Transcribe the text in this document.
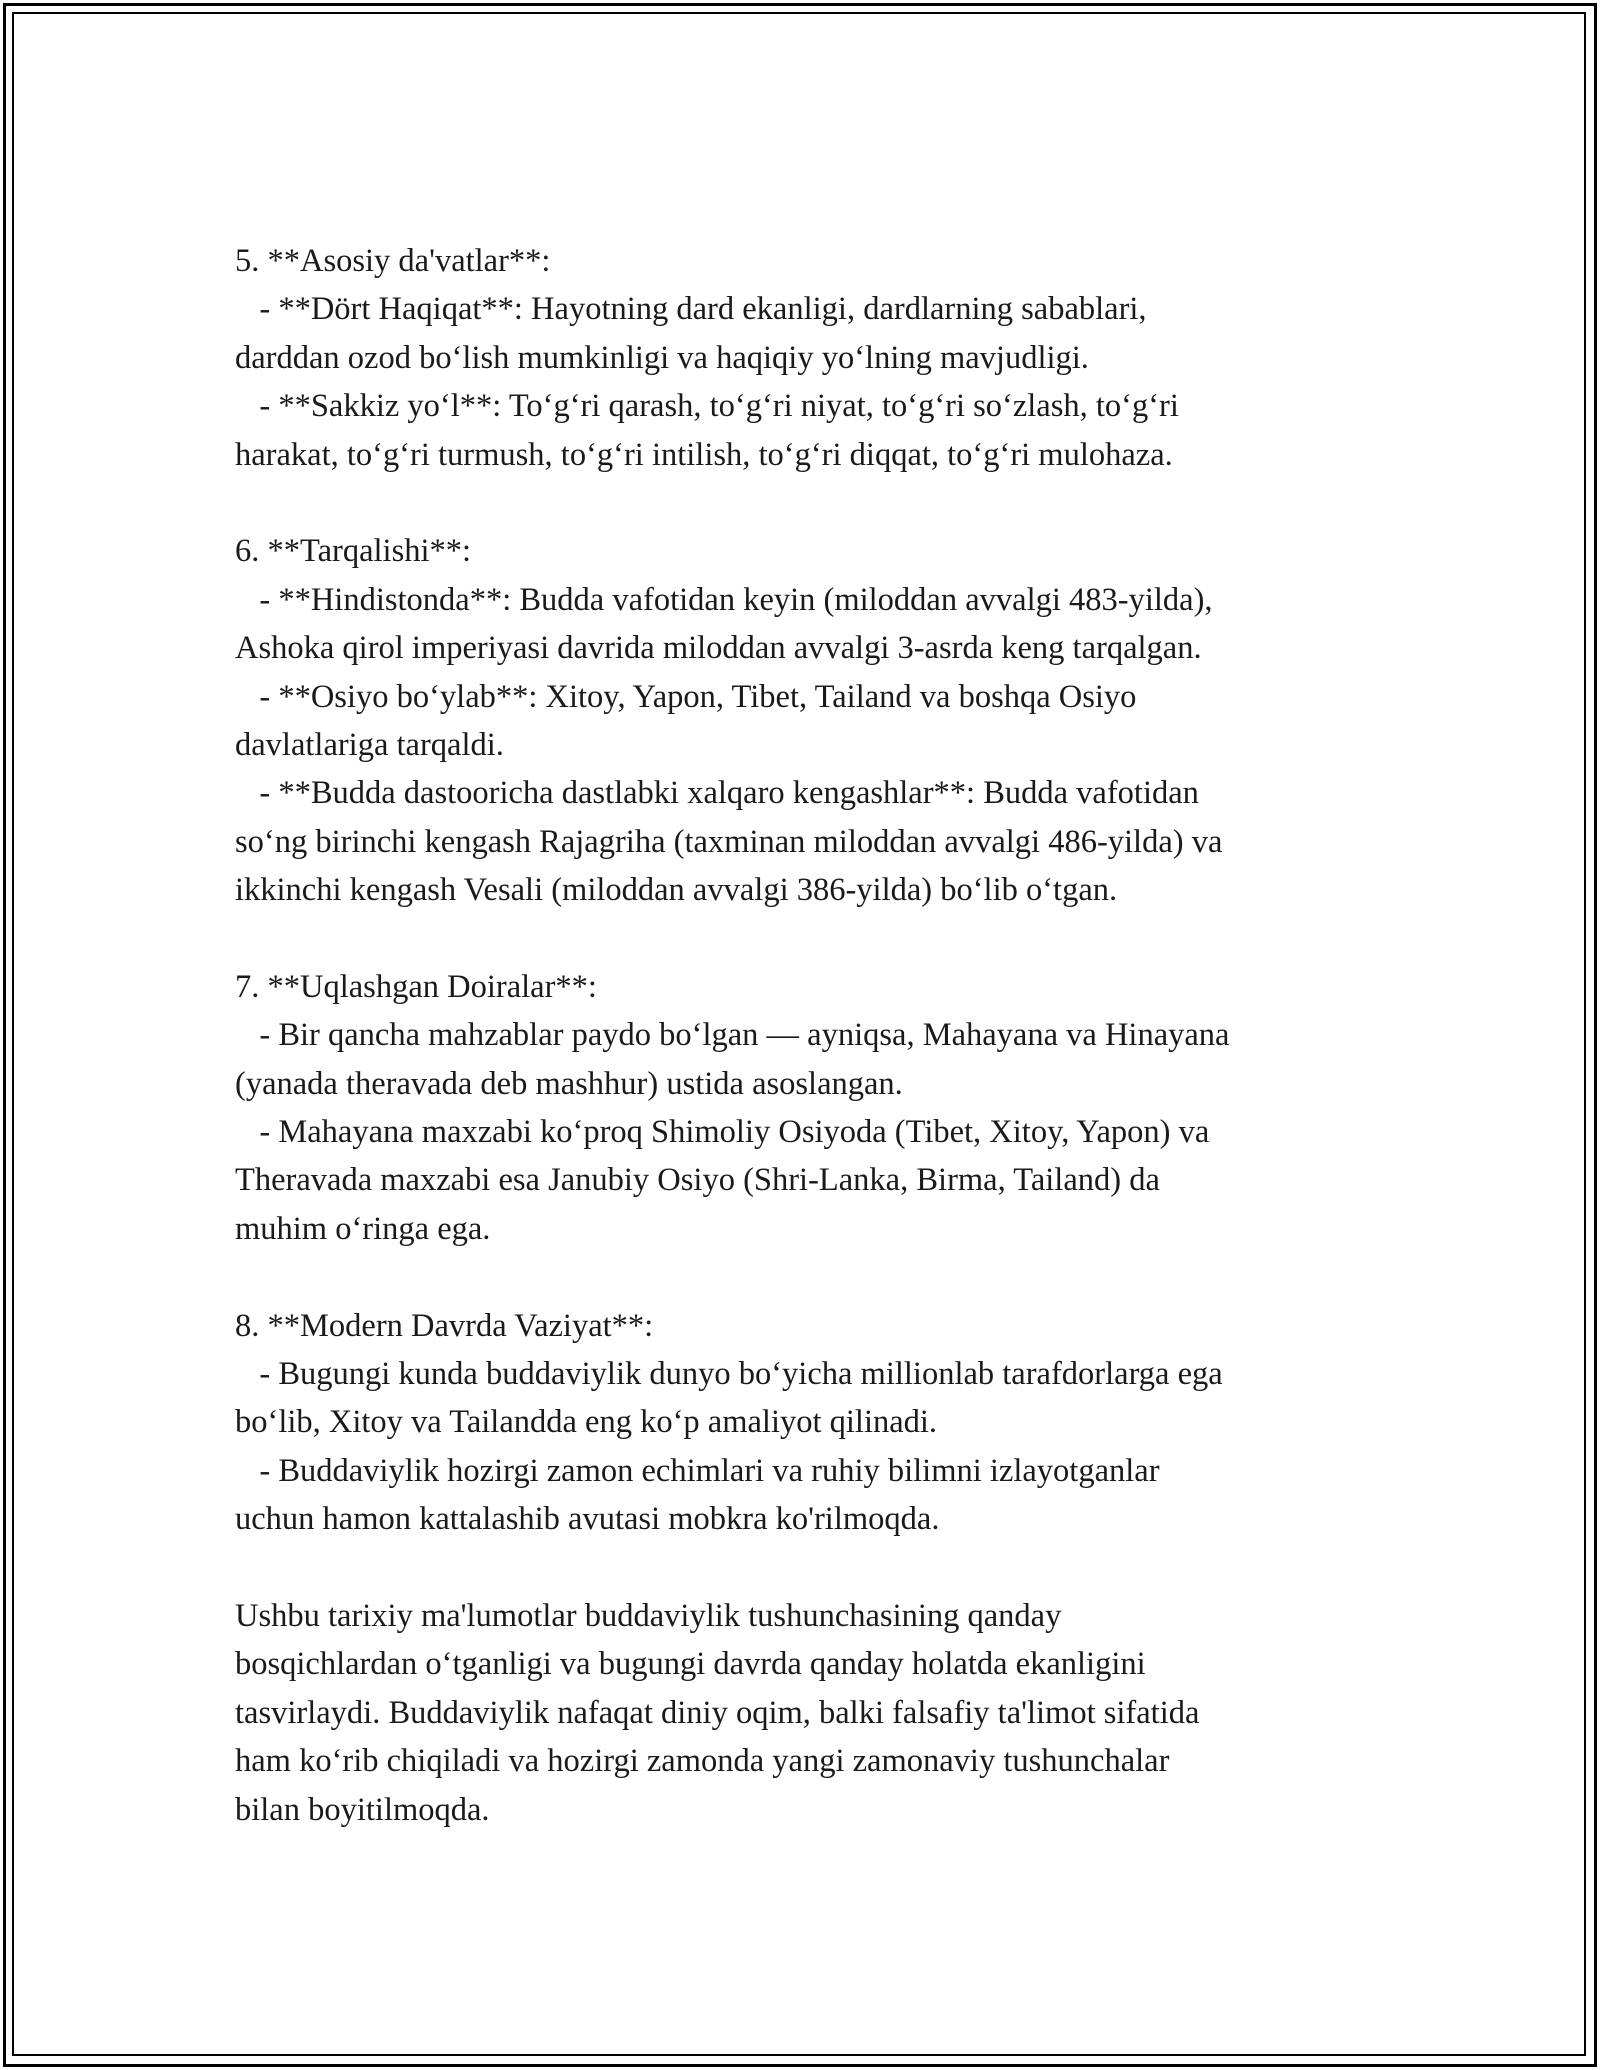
5. **Asosiy da'vatlar**:
- **Dört Haqiqat**: Hayotning dard ekanligi, dardlarning sabablari,
darddan ozod bo‘lish mumkinligi va haqiqiy yo‘lning mavjudligi.
- **Sakkiz yo‘l**: To‘g‘ri qarash, to‘g‘ri niyat, to‘g‘ri so‘zlash, to‘g‘ri
harakat, to‘g‘ri turmush, to‘g‘ri intilish, to‘g‘ri diqqat, to‘g‘ri mulohaza.
6. **Tarqalishi**:
- **Hindistonda**: Budda vafotidan keyin (miloddan avvalgi 483-yilda),
Ashoka qirol imperiyasi davrida miloddan avvalgi 3-asrda keng tarqalgan.
- **Osiyo bo‘ylab**: Xitoy, Yapon, Tibet, Tailand va boshqa Osiyo
davlatlariga tarqaldi.
- **Budda dastooricha dastlabki xalqaro kengashlar**: Budda vafotidan
so‘ng birinchi kengash Rajagriha (taxminan miloddan avvalgi 486-yilda) va
ikkinchi kengash Vesali (miloddan avvalgi 386-yilda) bo‘lib o‘tgan.
7. **Uqlashgan Doiralar**:
- Bir qancha mahzablar paydo bo‘lgan — ayniqsa, Mahayana va Hinayana
(yanada theravada deb mashhur) ustida asoslangan.
- Mahayana maxzabi ko‘proq Shimoliy Osiyoda (Tibet, Xitoy, Yapon) va
Theravada maxzabi esa Janubiy Osiyo (Shri-Lanka, Birma, Tailand) da
muhim o‘ringa ega.
8. **Modern Davrda Vaziyat**:
- Bugungi kunda buddaviylik dunyo bo‘yicha millionlab tarafdorlarga ega
bo‘lib, Xitoy va Tailandda eng ko‘p amaliyot qilinadi.
- Buddaviylik hozirgi zamon echimlari va ruhiy bilimni izlayotganlar
uchun hamon kattalashib avutasi mobkra ko'rilmoqda.
Ushbu tarixiy ma'lumotlar buddaviylik tushunchasining qanday
bosqichlardan o‘tganligi va bugungi davrda qanday holatda ekanligini
tasvirlaydi. Buddaviylik nafaqat diniy oqim, balki falsafiy ta'limot sifatida
ham ko‘rib chiqiladi va hozirgi zamonda yangi zamonaviy tushunchalar
bilan boyitilmoqda.
